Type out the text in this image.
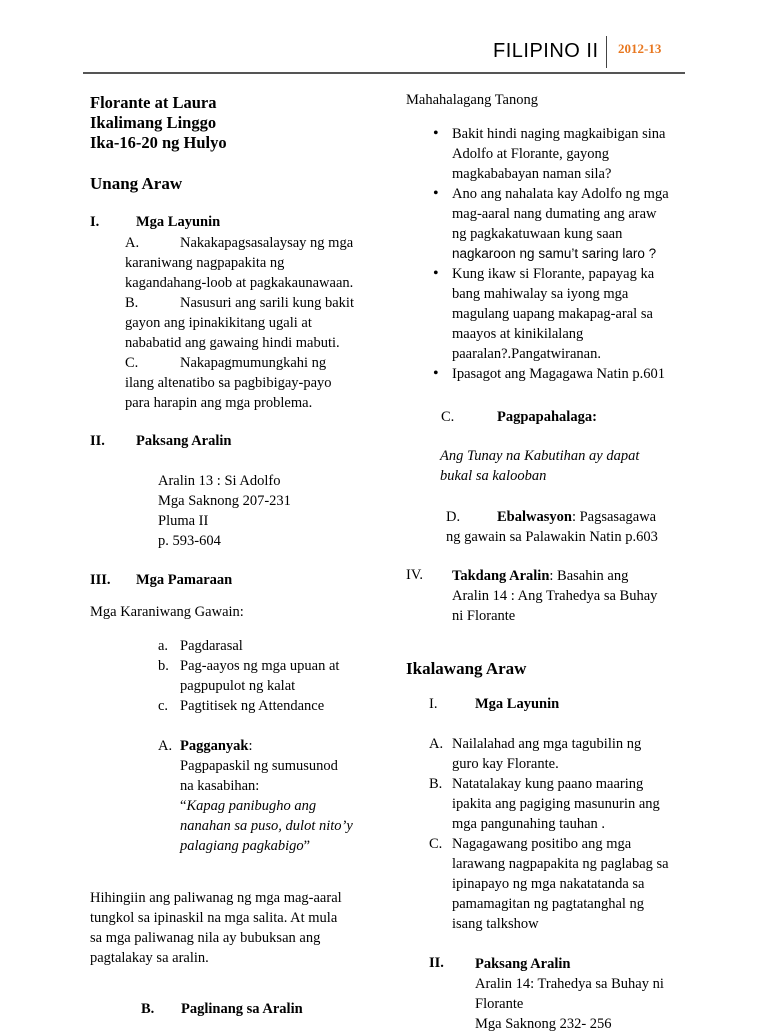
FILIPINO II 2012-13
Florante at Laura
Ikalimang Linggo
Ika-16-20 ng Hulyo
Unang Araw
I.	Mga Layunin
A.	Nakakapagsasalaysay ng mga
karaniwang nagpapakita ng
kagandahang-loob at pagkakaunawaan.
B.	Nasusuri ang sarili kung bakit
gayon ang ipinakikitang ugali at
nababatid ang gawaing hindi mabuti.
C.	Nakapagmumungkahi ng
ilang altenatibo sa pagbibigay-payo
para harapin ang mga problema.
II. Paksang Aralin
Aralin 13 : Si Adolfo
Mga Saknong 207-231
Pluma II
p. 593-604
III. Mga Pamaraan
Mga Karaniwang Gawain:
a. Pagdarasal
b. Pag-aayos ng mga upuan at
pagpupulot ng kalat
c. Pagtitisek ng Attendance
A. Pagganyak:
Pagpapaskil ng sumusunod
na kasabihan:
“Kapag panibugho ang
nanahan sa puso, dulot nito’y
palagiang pagkabigo”
Hihingiin ang paliwanag ng mga mag-aaral
tungkol sa ipinaskil na mga salita. At mula
sa mga paliwanag nila ay bubuksan ang
pagtalakay sa aralin.
B. Paglinang sa Aralin
Mahahalagang Tanong
• Bakit hindi naging magkaibigan sina
Adolfo at Florante, gayong
magkababayan naman sila?
• Ano ang nahalata kay Adolfo ng mga
mag-aaral nang dumating ang araw
ng pagkakatuwaan kung saan
nagkaroon ng samu’t saring laro ?
• Kung ikaw si Florante, papayag ka
bang mahiwalay sa iyong mga
magulang uapang makapag-aral sa
maayos at kinikilalang
paaralan?.Pangatwiranan.
• Ipasagot ang Magagawa Natin p.601
C.	Pagpapahalaga:
Ang Tunay na Kabutihan ay dapat
bukal sa kalooban
D.	Ebalwasyon: Pagsasagawa
ng gawain sa Palawakin Natin p.603
IV. Takdang Aralin: Basahin ang
Aralin 14 : Ang Trahedya sa Buhay
ni Florante
Ikalawang Araw
I.	Mga Layunin
A. Nailalahad ang mga tagubilin ng
guro kay Florante.
B. Natatalakay kung paano maaring
ipakita ang pagiging masunurin ang
mga pangunahing tauhan .
C. Nagagawang positibo ang mga
larawang nagpapakita ng paglabag sa
ipinapayo ng mga nakatatanda sa
pamamagitan ng pagtatanghal ng
isang talkshow
II. Paksang Aralin
Aralin 14: Trahedya sa Buhay ni
Florante
Mga Saknong 232- 256
